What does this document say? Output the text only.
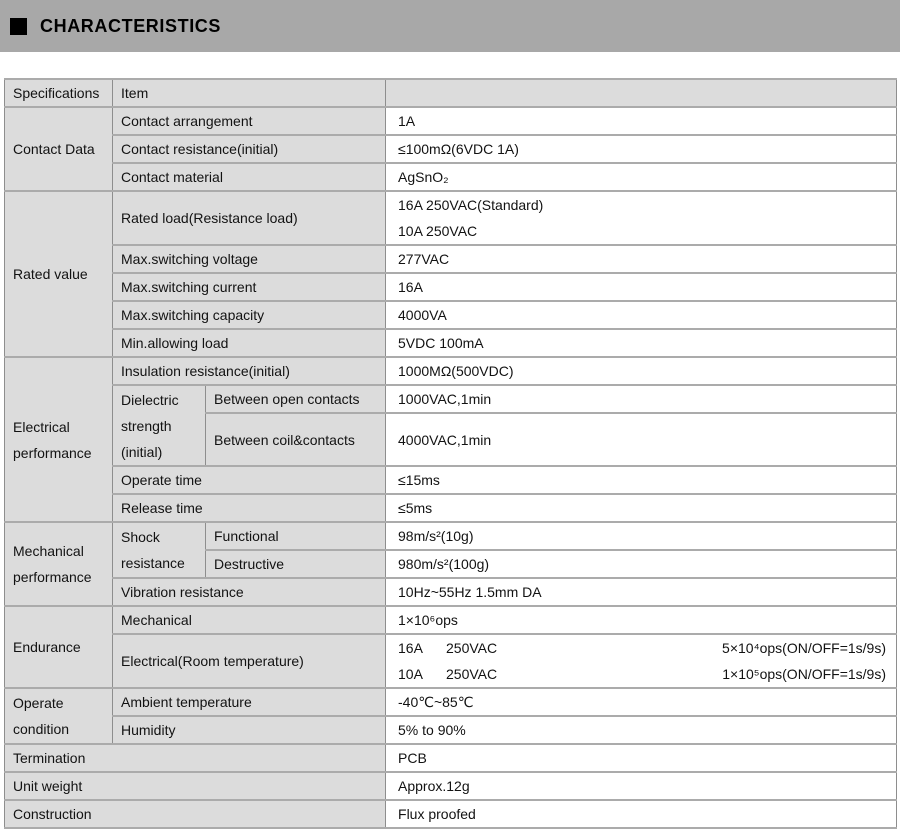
CHARACTERISTICS
Specifications	Item		
Contact Data	Contact arrangement		1A
	Contact resistance(initial)		≤100mΩ(6VDC 1A)
	Contact material		AgSnO₂
Rated value	Rated load(Resistance load)		16A 250VAC(Standard)
10A 250VAC

	Max.switching voltage		277VAC
	Max.switching current		16A
	Max.switching capacity		4000VA
	Min.allowing load		5VDC 100mA
Electrical performance	Insulation resistance(initial)		1000MΩ(500VDC)
	Dielectric strength (initial)	Between open contacts	1000VAC,1min
		Between coil&contacts	4000VAC,1min
	Operate time		≤15ms
	Release time		≤5ms
Mechanical performance	Shock resistance	Functional	98m/s²(10g)
		Destructive	980m/s²(100g)
	Vibration resistance		10Hz~55Hz 1.5mm DA
Endurance	Mechanical		1×10⁶ops
	Electrical(Room temperature)		16A 250VAC 5×10⁴ops(ON/OFF=1s/9s)
10A 250VAC 1×10⁵ops(ON/OFF=1s/9s)

Operate condition	Ambient temperature		-40℃~85℃
	Humidity		5% to 90%
Termination			PCB
Unit weight			Approx.12g
Construction			Flux proofed
